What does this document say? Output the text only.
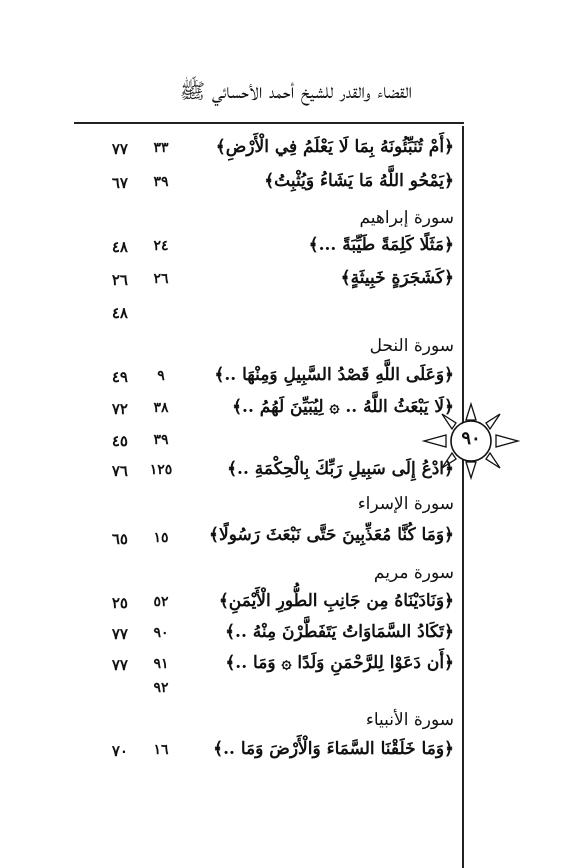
القضاء والقدر للشيخ أحمد الأحسائي ﷺ
٩٠
﴿أَمْ تُنَبِّئُونَهُ بِمَا لَا يَعْلَمُ فِي الْأَرْضِ﴾
٣٣
٧٧
﴿يَمْحُو اللَّهُ مَا يَشَاءُ وَيُثْبِتُ﴾
٣٩
٦٧
سورة إبراهيم
﴿مَثَلًا كَلِمَةً طَيِّبَةً ...﴾
٢٤
٤٨
﴿كَشَجَرَةٍ خَبِيثَةٍ﴾
٢٦
٢٦
٤٨
سورة النحل
﴿وَعَلَى اللَّهِ قَصْدُ السَّبِيلِ وَمِنْهَا ..﴾
٩
٤٩
﴿لَا يَبْعَثُ اللَّهُ .. ۞ لِيُبَيِّنَ لَهُمُ ..﴾
٣٨
٧٢
٣٩
٤٥
﴿ادْعُ إِلَى سَبِيلِ رَبِّكَ بِالْحِكْمَةِ ..﴾
١٢٥
٧٦
سورة الإسراء
﴿وَمَا كُنَّا مُعَذِّبِينَ حَتَّى نَبْعَثَ رَسُولًا﴾
١٥
٦٥
سورة مريم
﴿وَنَادَيْنَاهُ مِن جَانِبِ الطُّورِ الْأَيْمَنِ﴾
٥٢
٢٥
﴿تَكَادُ السَّمَاوَاتُ يَتَفَطَّرْنَ مِنْهُ ..﴾
٩٠
٧٧
﴿أَن دَعَوْا لِلرَّحْمَنِ وَلَدًا ۞ وَمَا ..﴾
٩١
٧٧
٩٢
سورة الأنبياء
﴿وَمَا خَلَقْنَا السَّمَاءَ وَالْأَرْضَ وَمَا ..﴾
١٦
٧٠
